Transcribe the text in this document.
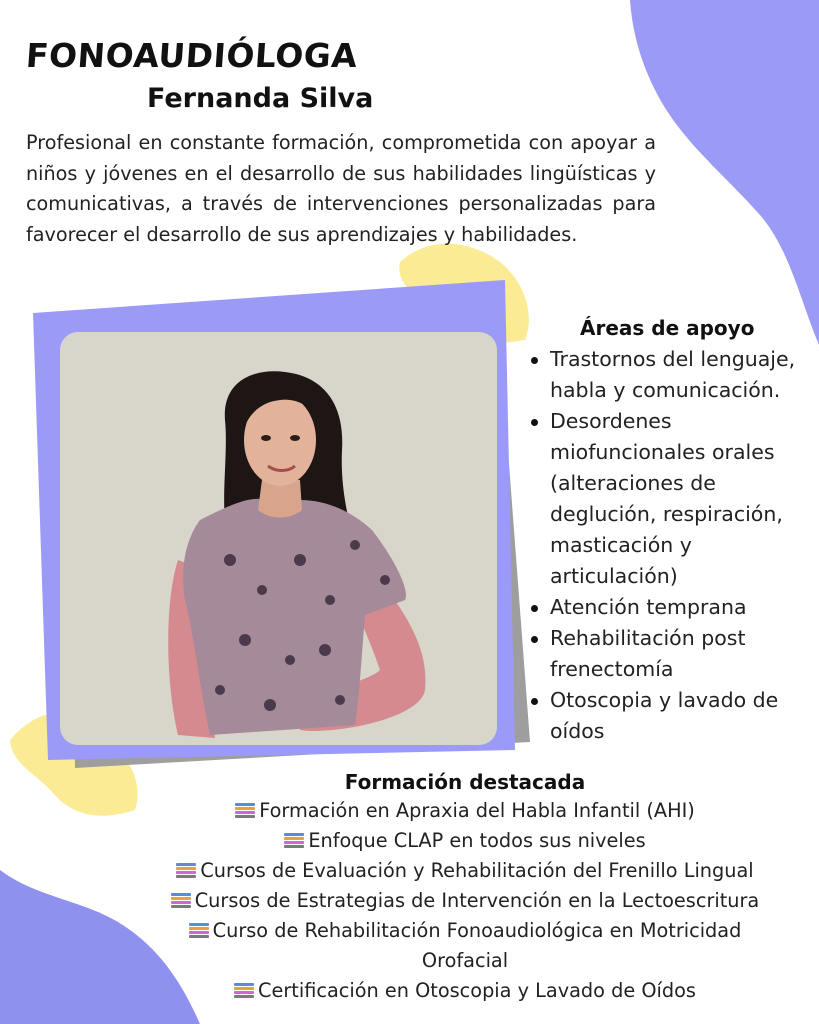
FONOAUDIÓLOGA
Fernanda Silva
Profesional en constante formación, comprometida con apoyar a niños y jóvenes en el desarrollo de sus habilidades lingüísticas y comunicativas, a través de intervenciones personalizadas para favorecer el desarrollo de sus aprendizajes y habilidades.
Áreas de apoyo
Trastornos del lenguaje, habla y comunicación.
Desordenes miofuncionales orales (alteraciones de deglución, respiración, masticación y articulación)
Atención temprana
Rehabilitación post frenectomía
Otoscopia y lavado de oídos
Formación destacada
Formación en Apraxia del Habla Infantil (AHI)
Enfoque CLAP en todos sus niveles
Cursos de Evaluación y Rehabilitación del Frenillo Lingual
Cursos de Estrategias de Intervención en la Lectoescritura
Curso de Rehabilitación Fonoaudiológica en Motricidad Orofacial
Certificación en Otoscopia y Lavado de Oídos
